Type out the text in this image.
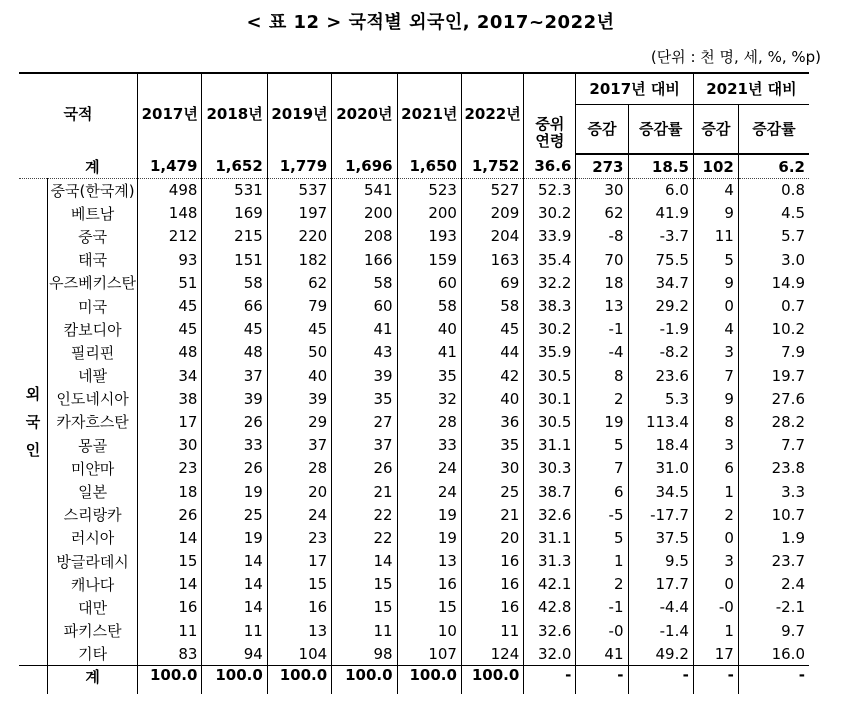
< 표 12 > 국적별 외국인, 2017~2022년
(단위 : 천 명, 세, %, %p)
국적		2017년	2018년	2019년	2020년	2021년	2022년	중위
연령	2017년 대비		2021년 대비	
									증감	증감률	증감	증감률
	계	1,479	1,652	1,779	1,696	1,650	1,752	36.6	273	18.5	102	6.2

외
국
인	중국(한국계)	498	531	537	541	523	527	52.3	30	6.0	4	0.8
	베트남	148	169	197	200	200	209	30.2	62	41.9	9	4.5
	중국	212	215	220	208	193	204	33.9	-8	-3.7	11	5.7
	태국	93	151	182	166	159	163	35.4	70	75.5	5	3.0
	우즈베키스탄	51	58	62	58	60	69	32.2	18	34.7	9	14.9
	미국	45	66	79	60	58	58	38.3	13	29.2	0	0.7
	캄보디아	45	45	45	41	40	45	30.2	-1	-1.9	4	10.2
	필리핀	48	48	50	43	41	44	35.9	-4	-8.2	3	7.9
	네팔	34	37	40	39	35	42	30.5	8	23.6	7	19.7
	인도네시아	38	39	39	35	32	40	30.1	2	5.3	9	27.6
	카자흐스탄	17	26	29	27	28	36	30.5	19	113.4	8	28.2
	몽골	30	33	37	37	33	35	31.1	5	18.4	3	7.7
	미얀마	23	26	28	26	24	30	30.3	7	31.0	6	23.8
	일본	18	19	20	21	24	25	38.7	6	34.5	1	3.3
	스리랑카	26	25	24	22	19	21	32.6	-5	-17.7	2	10.7
	러시아	14	19	23	22	19	20	31.1	5	37.5	0	1.9
	방글라데시	15	14	17	14	13	16	31.3	1	9.5	3	23.7
	캐나다	14	14	15	15	16	16	42.1	2	17.7	0	2.4
	대만	16	14	16	15	15	16	42.8	-1	-4.4	-0	-2.1
	파키스탄	11	11	13	11	10	11	32.6	-0	-1.4	1	9.7
	기타	83	94	104	98	107	124	32.0	41	49.2	17	16.0
	계	100.0	100.0	100.0	100.0	100.0	100.0	-	-	-	-	-
